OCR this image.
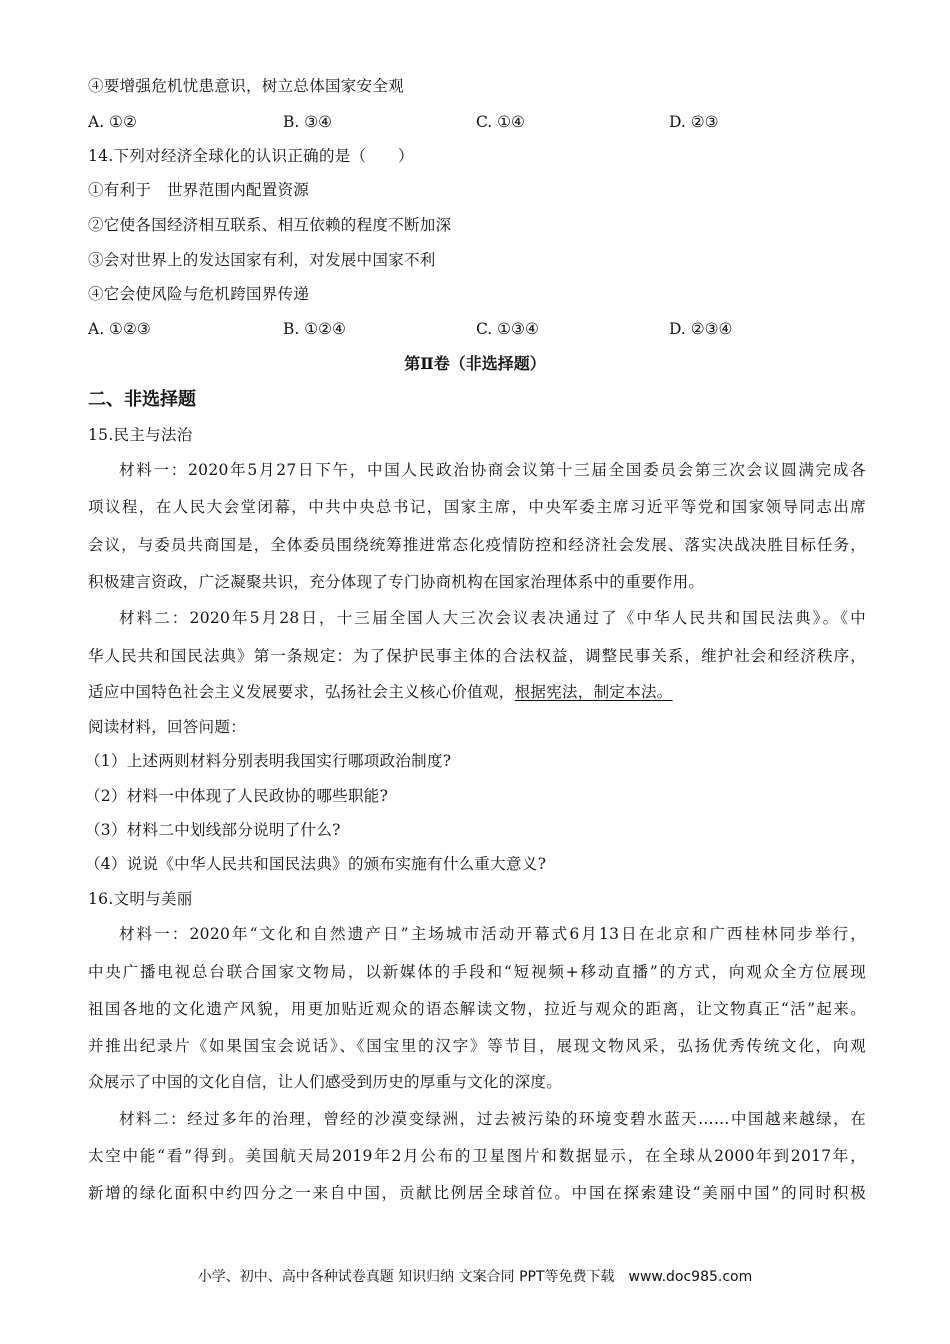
④要增强危机忧患意识，树立总体国家安全观
A. ①②	B. ③④	C. ①④	D. ②③
14.下列对经济全球化的认识正确的是（　　）
①有利于　世界范围内配置资源
②它使各国经济相互联系、相互依赖的程度不断加深
③会对世界上的发达国家有利，对发展中国家不利
④它会使风险与危机跨国界传递
A. ①②③	B. ①②④	C. ①③④	D. ②③④
第Ⅱ卷（非选择题）
二、非选择题
15.民主与法治
材料一：2020年5月27日下午，中国人民政治协商会议第十三届全国委员会第三次会议圆满完成各
项议程，在人民大会堂闭幕，中共中央总书记，国家主席，中央军委主席习近平等党和国家领导同志出席
会议，与委员共商国是，全体委员围绕统筹推进常态化疫情防控和经济社会发展、落实决战决胜目标任务，
积极建言资政，广泛凝聚共识，充分体现了专门协商机构在国家治理体系中的重要作用。
材料二：2020年5月28日，十三届全国人大三次会议表决通过了《中华人民共和国民法典》。《中
华人民共和国民法典》第一条规定：为了保护民事主体的合法权益，调整民事关系，维护社会和经济秩序，
适应中国特色社会主义发展要求，弘扬社会主义核心价值观，根据宪法，制定本法。
阅读材料，回答问题：
（1）上述两则材料分别表明我国实行哪项政治制度?
（2）材料一中体现了人民政协的哪些职能?
（3）材料二中划线部分说明了什么?
（4）说说《中华人民共和国民法典》的颁布实施有什么重大意义?
16.文明与美丽
材料一：2020年“文化和自然遗产日”主场城市活动开幕式6月13日在北京和广西桂林同步举行，
中央广播电视总台联合国家文物局，以新媒体的手段和“短视频+移动直播”的方式，向观众全方位展现
祖国各地的文化遗产风貌，用更加贴近观众的语态解读文物，拉近与观众的距离，让文物真正“活”起来。
并推出纪录片《如果国宝会说话》、《国宝里的汉字》等节目，展现文物风采，弘扬优秀传统文化，向观
众展示了中国的文化自信，让人们感受到历史的厚重与文化的深度。
材料二：经过多年的治理，曾经的沙漠变绿洲，过去被污染的环境变碧水蓝天……中国越来越绿，在
太空中能“看”得到。美国航天局2019年2月公布的卫星图片和数据显示，在全球从2000年到2017年，
新增的绿化面积中约四分之一来自中国，贡献比例居全球首位。中国在探索建设“美丽中国”的同时积极
小学、初中、高中各种试卷真题 知识归纳 文案合同 PPT等免费下载　www.doc985.com
